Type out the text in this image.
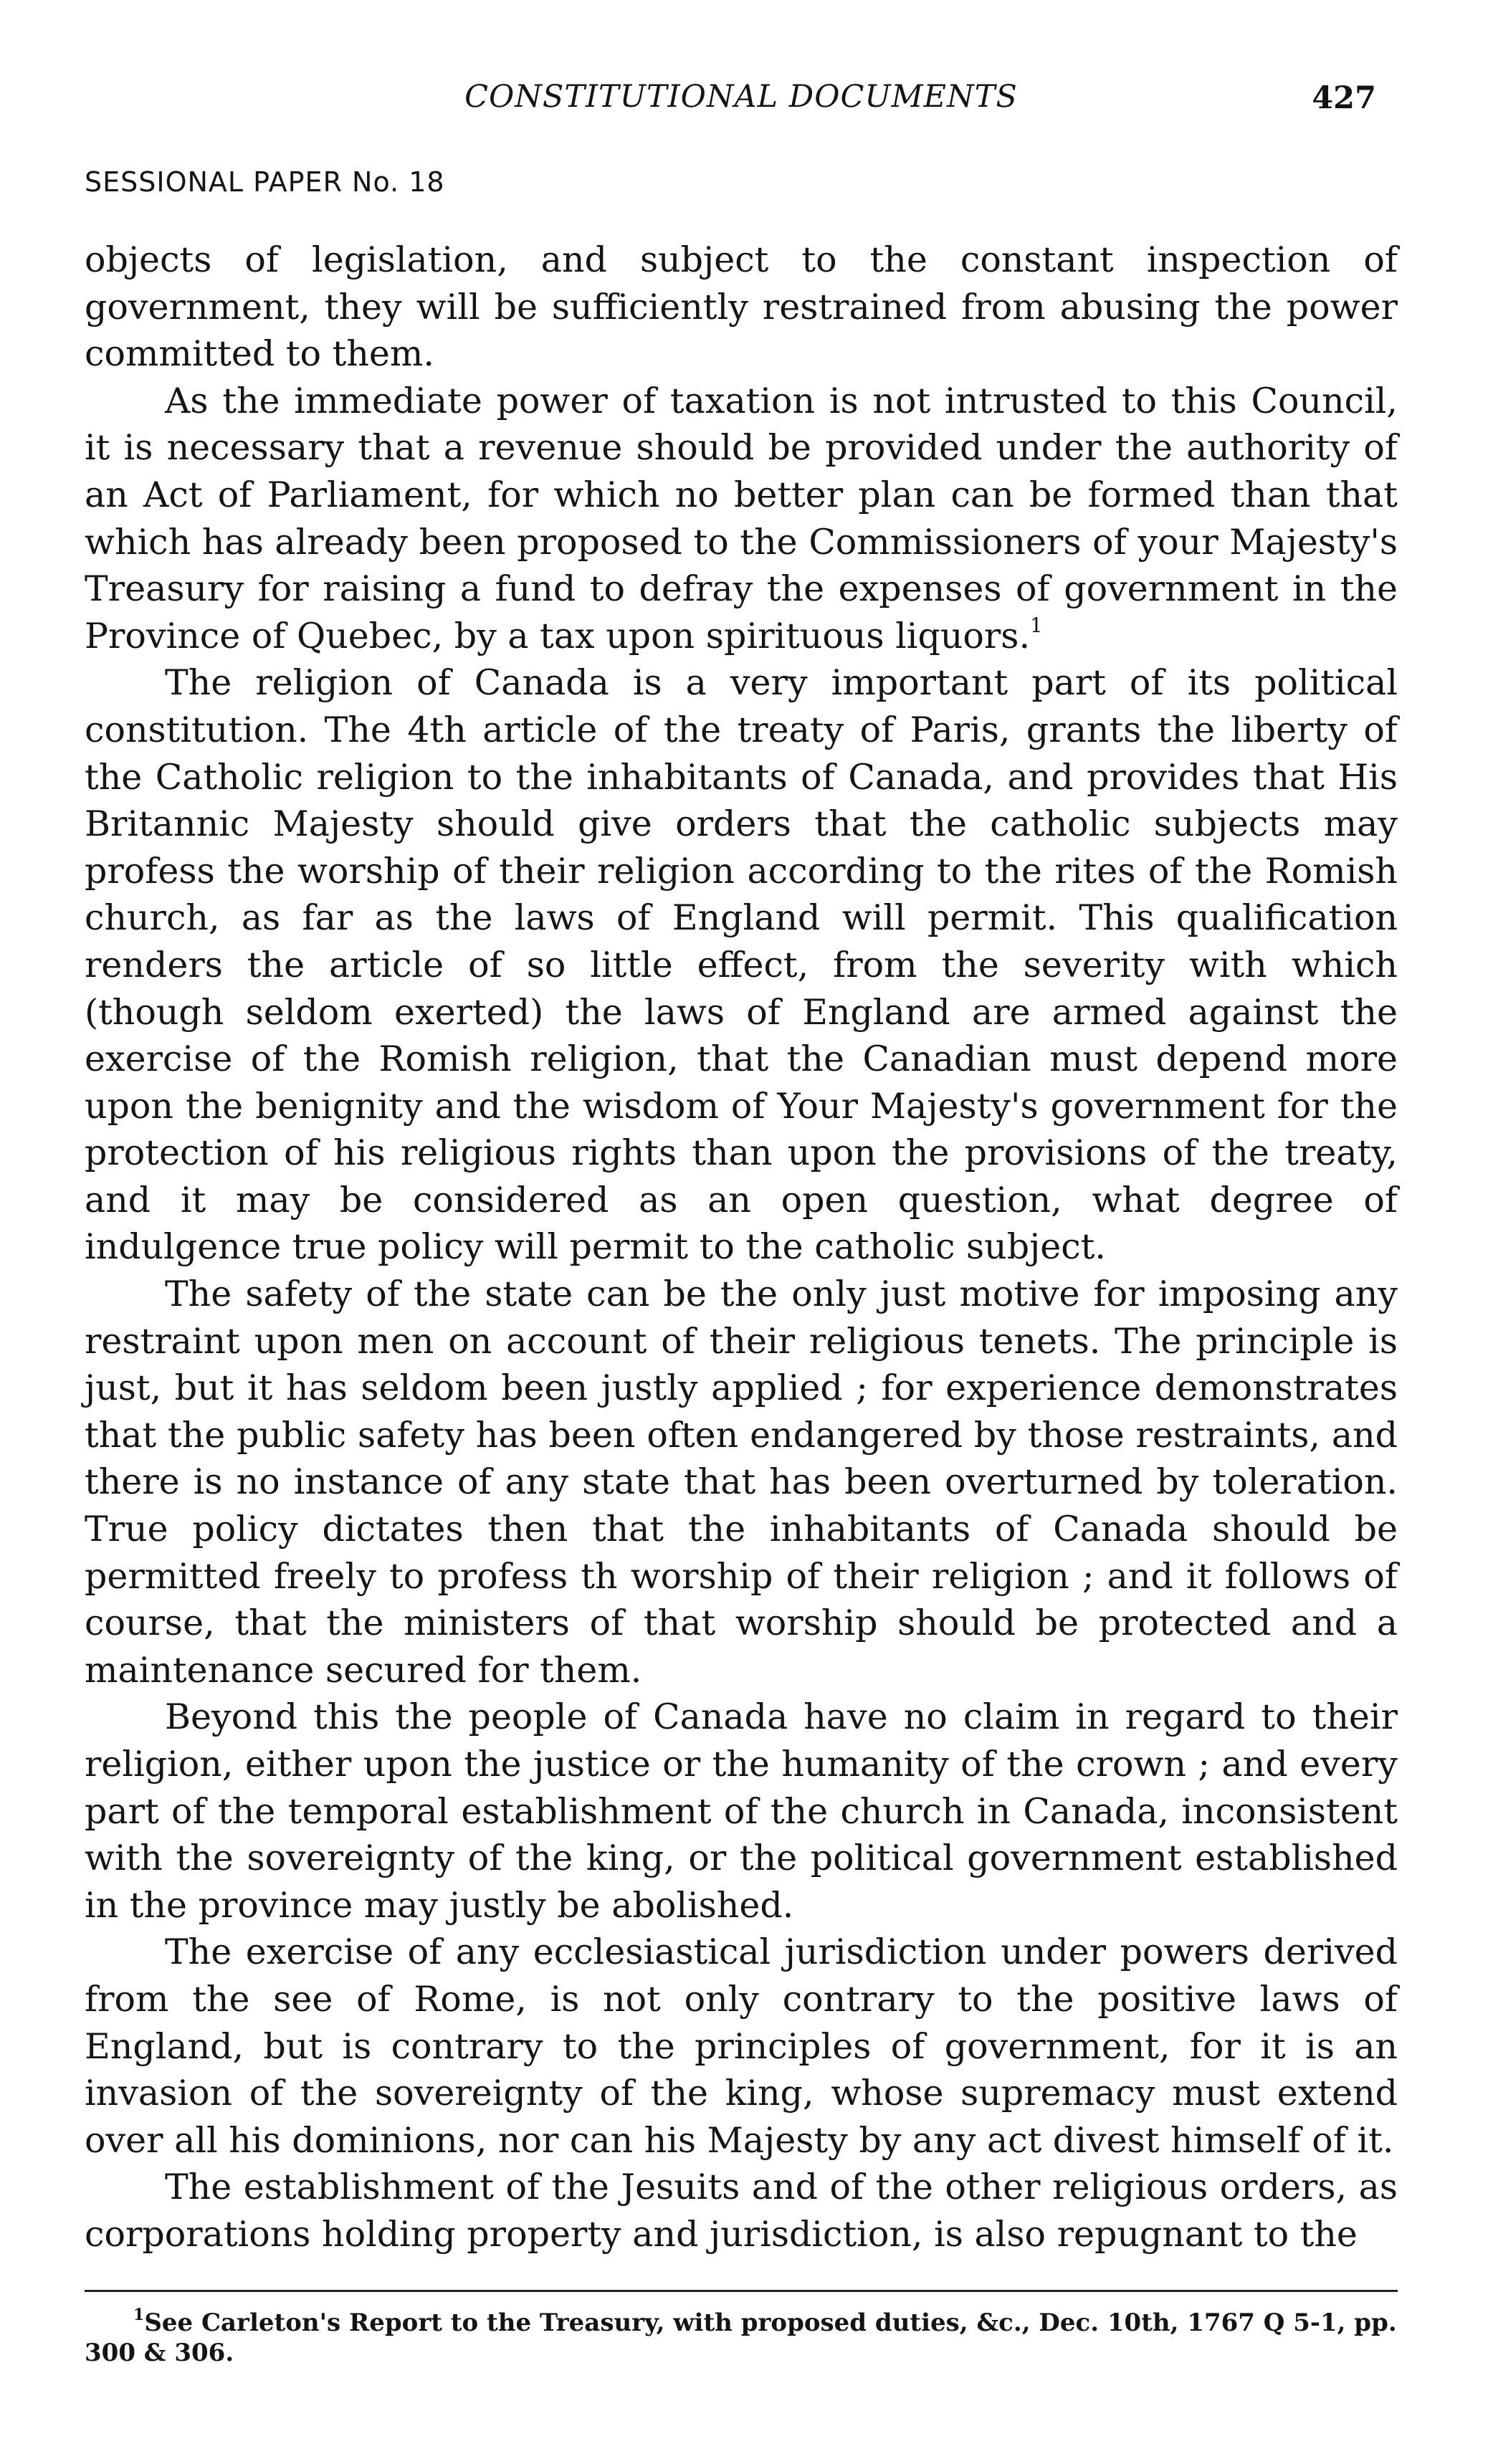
CONSTITUTIONAL DOCUMENTS	427
SESSIONAL PAPER No. 18

objects of legislation, and subject to the constant inspection of government, they will be sufficiently restrained from abusing the power committed to them.

As the immediate power of taxation is not intrusted to this Council, it is necessary that a revenue should be provided under the authority of an Act of Parliament, for which no better plan can be formed than that which has already been proposed to the Commissioners of your Majesty's Treasury for raising a fund to defray the expenses of government in the Province of Quebec, by a tax upon spirituous liquors.$^1$

The religion of Canada is a very important part of its political constitution. The 4th article of the treaty of Paris, grants the liberty of the Catholic religion to the inhabitants of Canada, and provides that His Britannic Majesty should give orders that the catholic subjects may profess the worship of their religion according to the rites of the Romish church, as far as the laws of England will permit. This qualification renders the article of so little effect, from the severity with which (though seldom exerted) the laws of England are armed against the exercise of the Romish religion, that the Canadian must depend more upon the benignity and the wisdom of Your Majesty's government for the protection of his religious rights than upon the provisions of the treaty, and it may be considered as an open question, what degree of indulgence true policy will permit to the catholic subject.

The safety of the state can be the only just motive for imposing any restraint upon men on account of their religious tenets. The principle is just, but it has seldom been justly applied ; for experience demonstrates that the public safety has been often endangered by those restraints, and there is no instance of any state that has been overturned by toleration. True policy dictates then that the inhabitants of Canada should be permitted freely to profess th worship of their religion ; and it follows of course, that the ministers of that worship should be protected and a maintenance secured for them.

Beyond this the people of Canada have no claim in regard to their religion, either upon the justice or the humanity of the crown ; and every part of the temporal establishment of the church in Canada, inconsistent with the sovereignty of the king, or the political government established in the province may justly be abolished.

The exercise of any ecclesiastical jurisdiction under powers derived from the see of Rome, is not only contrary to the positive laws of England, but is contrary to the principles of government, for it is an invasion of the sovereignty of the king, whose supremacy must extend over all his dominions, nor can his Majesty by any act divest himself of it.

The establishment of the Jesuits and of the other religious orders, as corporations holding property and jurisdiction, is also repugnant to the

$^1$See Carleton's Report to the Treasury, with proposed duties, &c., Dec. 10th, 1767 Q 5-1, pp. 300 & 306.
